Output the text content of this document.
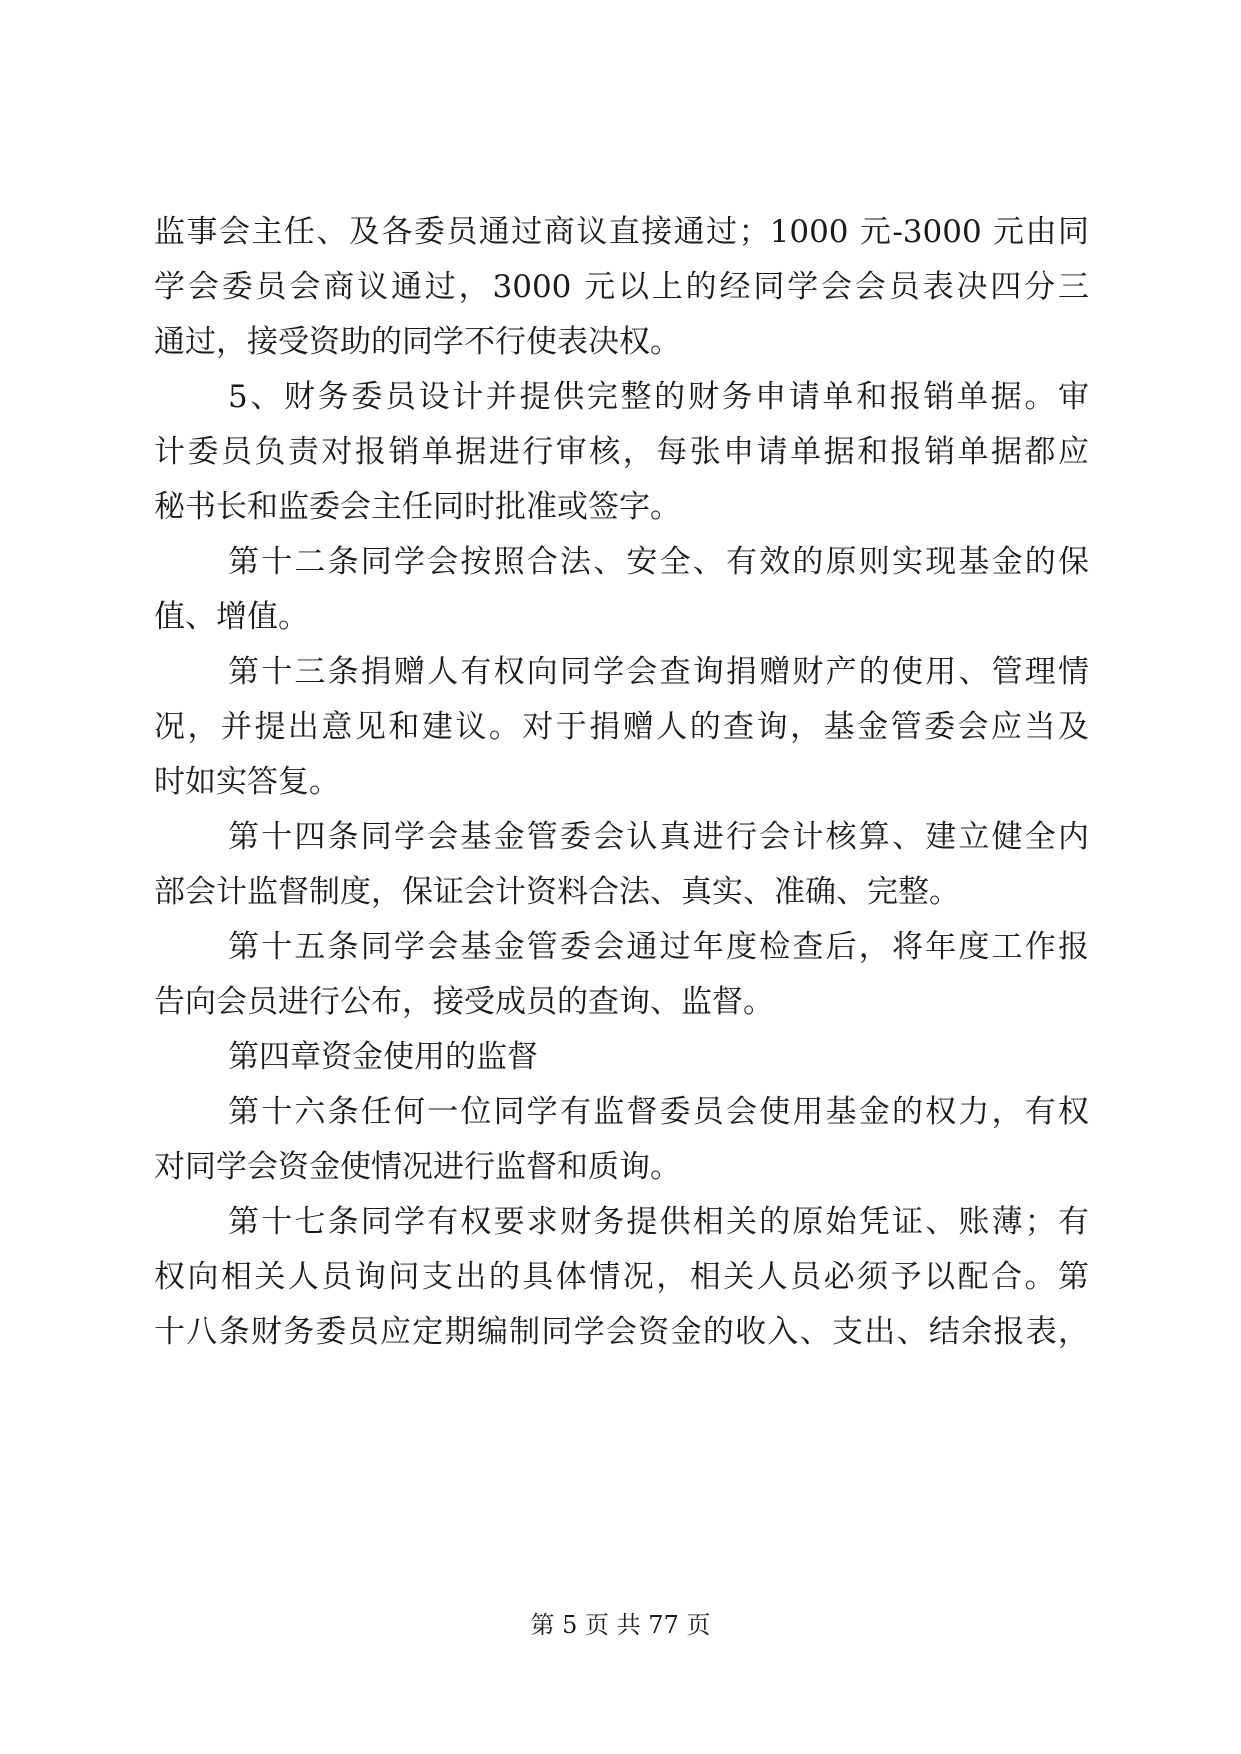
监事会主任、及各委员通过商议直接通过；1000 元-3000 元由同
学会委员会商议通过，3000 元以上的经同学会会员表决四分三
通过，接受资助的同学不行使表决权。
5、财务委员设计并提供完整的财务申请单和报销单据。审
计委员负责对报销单据进行审核，每张申请单据和报销单据都应
秘书长和监委会主任同时批准或签字。
第十二条同学会按照合法、安全、有效的原则实现基金的保
值、增值。
第十三条捐赠人有权向同学会查询捐赠财产的使用、管理情
况，并提出意见和建议。对于捐赠人的查询，基金管委会应当及
时如实答复。
第十四条同学会基金管委会认真进行会计核算、建立健全内
部会计监督制度，保证会计资料合法、真实、准确、完整。
第十五条同学会基金管委会通过年度检查后，将年度工作报
告向会员进行公布，接受成员的查询、监督。
第四章资金使用的监督
第十六条任何一位同学有监督委员会使用基金的权力，有权
对同学会资金使情况进行监督和质询。
第十七条同学有权要求财务提供相关的原始凭证、账薄；有
权向相关人员询问支出的具体情况，相关人员必须予以配合。第
十八条财务委员应定期编制同学会资金的收入、支出、结余报表，
第 5 页 共 77 页
